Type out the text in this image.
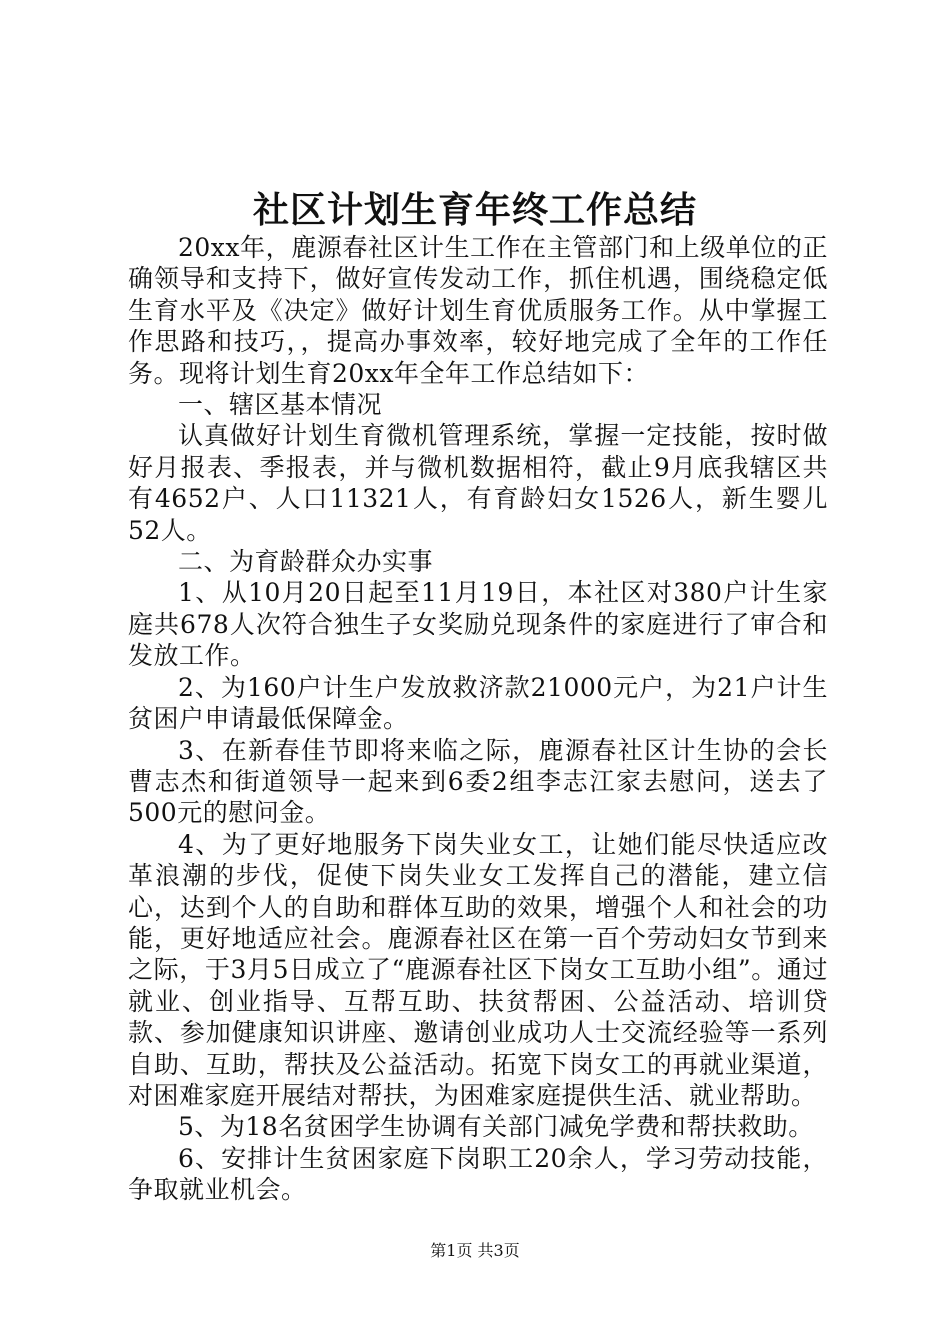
社区计划生育年终工作总结

20xx年，鹿源春社区计生工作在主管部门和上级单位的正确领导和支持下，做好宣传发动工作，抓住机遇，围绕稳定低生育水平及《决定》做好计划生育优质服务工作。从中掌握工作思路和技巧，，提高办事效率，较好地完成了全年的工作任务。现将计划生育20xx年全年工作总结如下：

一、辖区基本情况

认真做好计划生育微机管理系统，掌握一定技能，按时做好月报表、季报表，并与微机数据相符，截止9月底我辖区共有4652户、人口11321人，有育龄妇女1526人，新生婴儿52人。

二、为育龄群众办实事

1、从10月20日起至11月19日，本社区对380户计生家庭共678人次符合独生子女奖励兑现条件的家庭进行了审合和发放工作。

2、为160户计生户发放救济款21000元户，为21户计生贫困户申请最低保障金。

3、在新春佳节即将来临之际，鹿源春社区计生协的会长曹志杰和街道领导一起来到6委2组李志江家去慰问，送去了500元的慰问金。

4、为了更好地服务下岗失业女工，让她们能尽快适应改革浪潮的步伐，促使下岗失业女工发挥自己的潜能，建立信心，达到个人的自助和群体互助的效果，增强个人和社会的功能，更好地适应社会。鹿源春社区在第一百个劳动妇女节到来之际，于3月5日成立了“鹿源春社区下岗女工互助小组”。通过就业、创业指导、互帮互助、扶贫帮困、公益活动、培训贷款、参加健康知识讲座、邀请创业成功人士交流经验等一系列自助、互助，帮扶及公益活动。拓宽下岗女工的再就业渠道，对困难家庭开展结对帮扶，为困难家庭提供生活、就业帮助。

5、为18名贫困学生协调有关部门减免学费和帮扶救助。

6、安排计生贫困家庭下岗职工20余人，学习劳动技能，争取就业机会。

第1页 共3页
